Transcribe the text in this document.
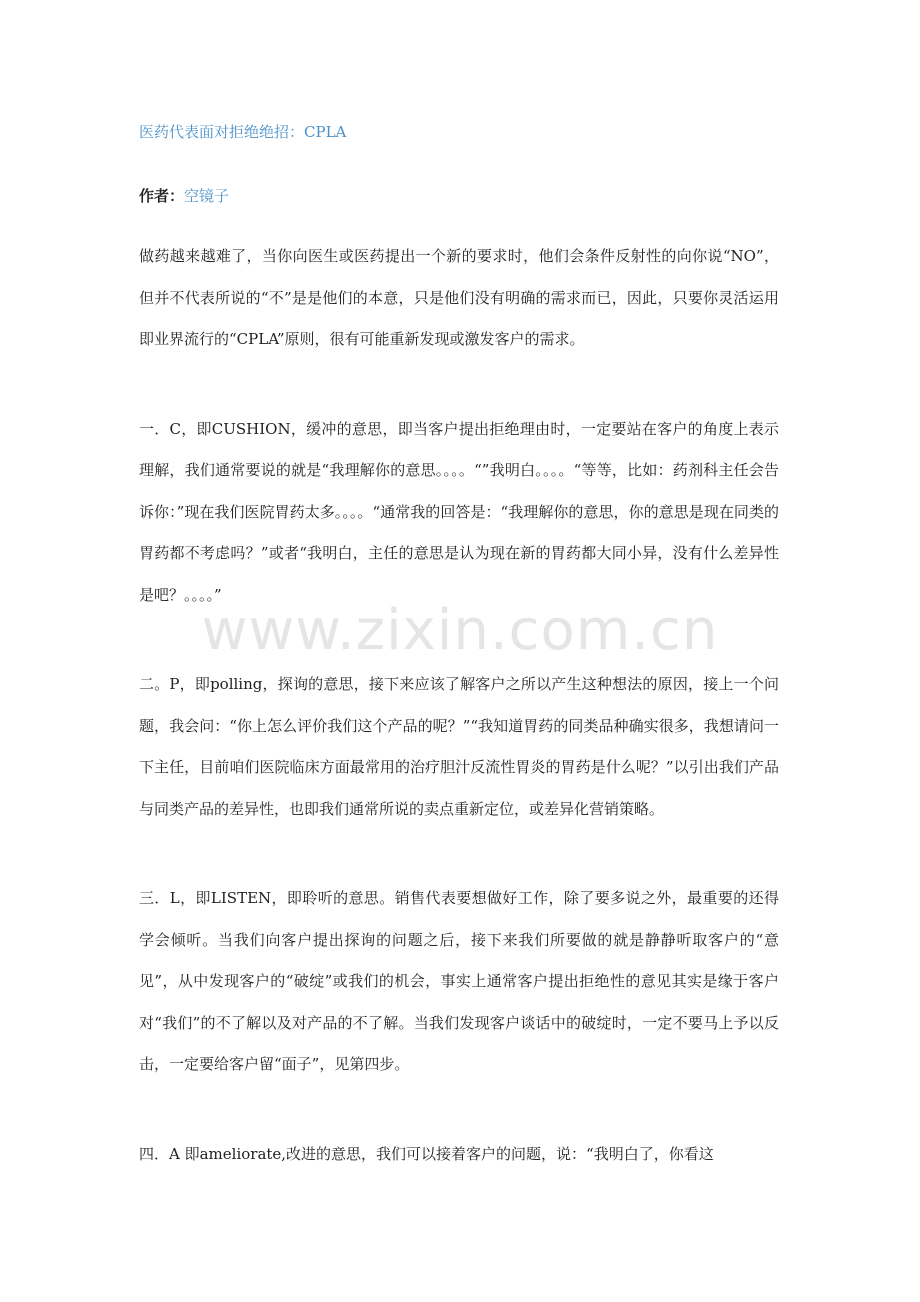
医药代表面对拒绝绝招：CPLA
作者：空镜子

做药越来越难了，当你向医生或医药提出一个新的要求时，他们会条件反射性的向你说“NO”，但并不代表所说的“不”是是他们的本意，只是他们没有明确的需求而已，因此，只要你灵活运用即业界流行的“CPLA”原则，很有可能重新发现或激发客户的需求。

一．C，即CUSHION，缓冲的意思，即当客户提出拒绝理由时，一定要站在客户的角度上表示理解，我们通常要说的就是“我理解你的意思。。。。“”我明白。。。。“等等，比如：药剂科主任会告诉你：”现在我们医院胃药太多。。。。“通常我的回答是：“我理解你的意思，你的意思是现在同类的胃药都不考虑吗？”或者“我明白，主任的意思是认为现在新的胃药都大同小异，没有什么差异性是吧？。。。。”

二。P，即polling，探询的意思，接下来应该了解客户之所以产生这种想法的原因，接上一个问题，我会问：“你上怎么评价我们这个产品的呢？”“我知道胃药的同类品种确实很多，我想请问一下主任，目前咱们医院临床方面最常用的治疗胆汁反流性胃炎的胃药是什么呢？”以引出我们产品与同类产品的差异性，也即我们通常所说的卖点重新定位，或差异化营销策略。

三．L，即LISTEN，即聆听的意思。销售代表要想做好工作，除了要多说之外，最重要的还得学会倾听。当我们向客户提出探询的问题之后，接下来我们所要做的就是静静听取客户的“意见”，从中发现客户的“破绽”或我们的机会，事实上通常客户提出拒绝性的意见其实是缘于客户对“我们”的不了解以及对产品的不了解。当我们发现客户谈话中的破绽时，一定不要马上予以反击，一定要给客户留“面子”，见第四步。

四．A 即ameliorate,改进的意思，我们可以接着客户的问题，说：“我明白了，你看这

www.zixin.com.cn
